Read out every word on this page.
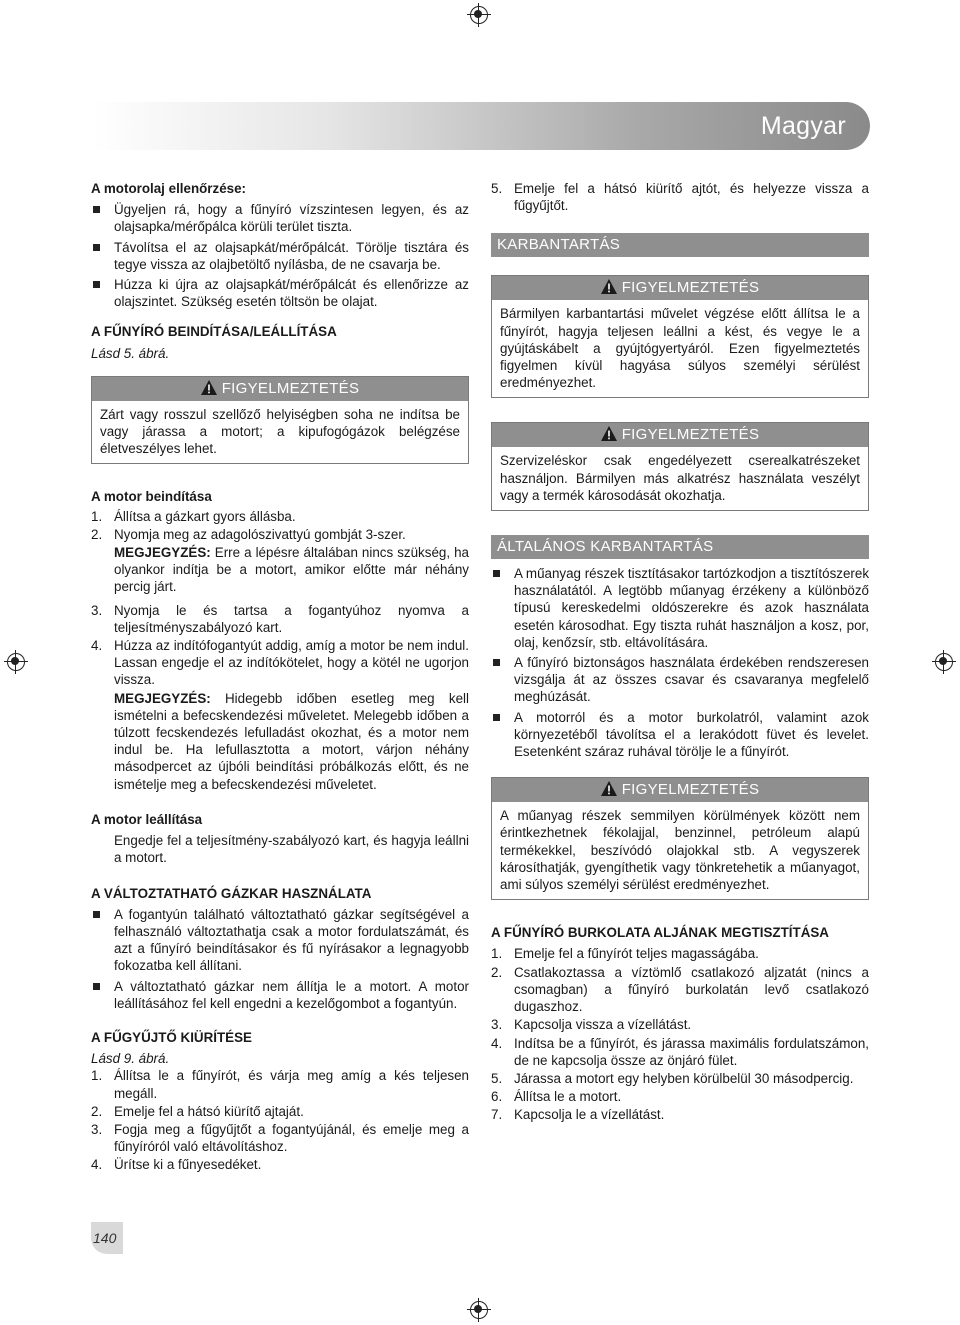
Magyar
A motorolaj ellenőrzése:
Ügyeljen rá, hogy a fűnyíró vízszintesen legyen, és az olajsapka/mérőpálca körüli terület tiszta.
Távolítsa el az olajsapkát/mérőpálcát. Törölje tisztára és tegye vissza az olajbetöltő nyílásba, de ne csavarja be.
Húzza ki újra az olajsapkát/mérőpálcát és ellenőrizze az olajszintet. Szükség esetén töltsön be olajat.
A FŰNYÍRÓ BEINDÍTÁSA/LEÁLLÍTÁSA
Lásd 5. ábrá.
FIGYELMEZTETÉS
Zárt vagy rosszul szellőző helyiségben soha ne indítsa be vagy járassa a motort; a kipufogógázok belégzése életveszélyes lehet.
A motor beindítása
1. Állítsa a gázkart gyors állásba.
2. Nyomja meg az adagolószivattyú gombját 3-szer.
MEGJEGYZÉS: Erre a lépésre általában nincs szükség, ha olyankor indítja be a motort, amikor előtte már néhány percig járt.
3. Nyomja le és tartsa a fogantyúhoz nyomva a teljesítményszabályozó kart.
4. Húzza az indítófogantyút addig, amíg a motor be nem indul. Lassan engedje el az indítókötelet, hogy a kötél ne ugorjon vissza.
MEGJEGYZÉS: Hidegebb időben esetleg meg kell ismételni a befecskendezési műveletet. Melegebb időben a túlzott fecskendezés lefulladást okozhat, és a motor nem indul be. Ha lefullasztotta a motort, várjon néhány másodpercet az újbóli beindítási próbálkozás előtt, és ne ismételje meg a befecskendezési műveletet.
A motor leállítása
Engedje fel a teljesítmény-szabályozó kart, és hagyja leállni a motort.
A VÁLTOZTATHATÓ GÁZKAR HASZNÁLATA
A fogantyún található változtatható gázkar segítségével a felhasználó változtathatja csak a motor fordulatszámát, és azt a fűnyíró beindításakor és fű nyírásakor a legnagyobb fokozatba kell állítani.
A változtatható gázkar nem állítja le a motort. A motor leállításához fel kell engedni a kezelőgombot a fogantyún.
A FŰGYŰJTŐ KIÜRÍTÉSE
Lásd 9. ábrá.
1. Állítsa le a fűnyírót, és várja meg amíg a kés teljesen megáll.
2. Emelje fel a hátsó kiürítő ajtaját.
3. Fogja meg a fűgyűjtőt a fogantyújánál, és emelje meg a fűnyíróról való eltávolításhoz.
4. Ürítse ki a fűnyesedéket.
5. Emelje fel a hátsó kiürítő ajtót, és helyezze vissza a fűgyűjtőt.
KARBANTARTÁS
FIGYELMEZTETÉS
Bármilyen karbantartási művelet végzése előtt állítsa le a fűnyírót, hagyja teljesen leállni a kést, és vegye le a gyújtáskábelt a gyújtógyertyáról. Ezen figyelmeztetés figyelmen kívül hagyása súlyos személyi sérülést eredményezhet.
FIGYELMEZTETÉS
Szervizeléskor csak engedélyezett cserealkatrészeket használjon. Bármilyen más alkatrész használata veszélyt vagy a termék károsodását okozhatja.
ÁLTALÁNOS KARBANTARTÁS
A műanyag részek tisztításakor tartózkodjon a tisztítószerek használatától. A legtöbb műanyag érzékeny a különböző típusú kereskedelmi oldószerekre és azok használata esetén károsodhat. Egy tiszta ruhát használjon a kosz, por, olaj, kenőzsír, stb. eltávolítására.
A fűnyíró biztonságos használata érdekében rendszeresen vizsgálja át az összes csavar és csavaranya megfelelő meghúzását.
A motorról és a motor burkolatról, valamint azok környezetéből távolítsa el a lerakódott füvet és levelet. Esetenként száraz ruhával törölje le a fűnyírót.
FIGYELMEZTETÉS
A műanyag részek semmilyen körülmények között nem érintkezhetnek fékolajjal, benzinnel, petróleum alapú termékekkel, beszívódó olajokkal stb. A vegyszerek károsíthatják, gyengíthetik vagy tönkretehetik a műanyagot, ami súlyos személyi sérülést eredményezhet.
A FŰNYÍRÓ BURKOLATA ALJÁNAK MEGTISZTÍTÁSA
1. Emelje fel a fűnyírót teljes magasságába.
2. Csatlakoztassa a víztömlő csatlakozó aljzatát (nincs a csomagban) a fűnyíró burkolatán levő csatlakozó dugaszhoz.
3. Kapcsolja vissza a vízellátást.
4. Indítsa be a fűnyírót, és járassa maximális fordulatszámon, de ne kapcsolja össze az önjáró fület.
5. Járassa a motort egy helyben körülbelül 30 másodpercig.
6. Állítsa le a motort.
7. Kapcsolja le a vízellátást.
140
